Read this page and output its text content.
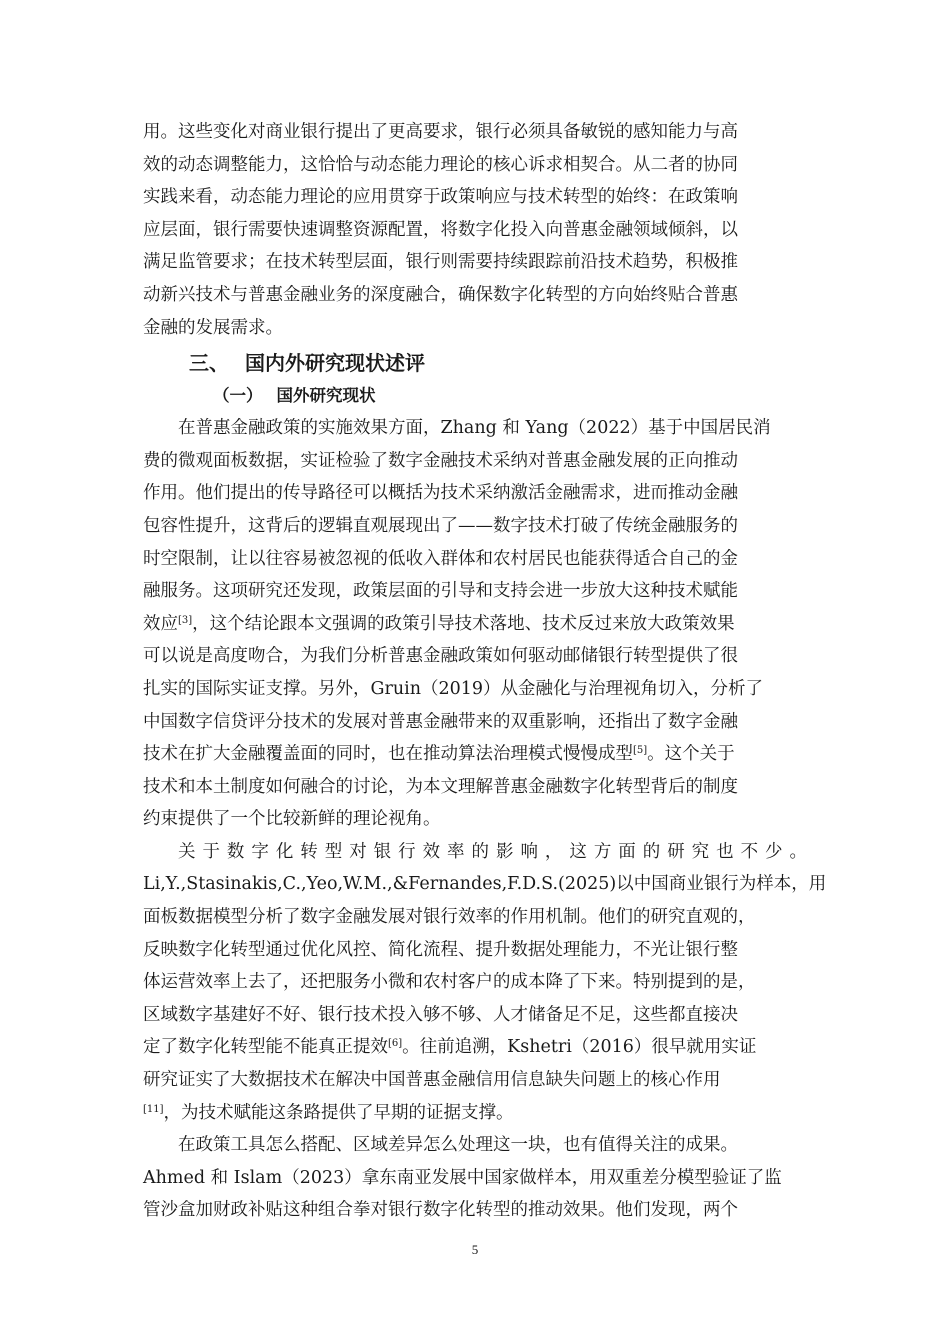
用。这些变化对商业银行提出了更高要求，银行必须具备敏锐的感知能力与高
效的动态调整能力，这恰恰与动态能力理论的核心诉求相契合。从二者的协同
实践来看，动态能力理论的应用贯穿于政策响应与技术转型的始终：在政策响
应层面，银行需要快速调整资源配置，将数字化投入向普惠金融领域倾斜，以
满足监管要求；在技术转型层面，银行则需要持续跟踪前沿技术趋势，积极推
动新兴技术与普惠金融业务的深度融合，确保数字化转型的方向始终贴合普惠
金融的发展需求。

三、 国内外研究现状述评
（一） 国外研究现状

在普惠金融政策的实施效果方面，Zhang 和 Yang（2022）基于中国居民消
费的微观面板数据，实证检验了数字金融技术采纳对普惠金融发展的正向推动
作用。他们提出的传导路径可以概括为技术采纳激活金融需求，进而推动金融
包容性提升，这背后的逻辑直观展现出了——数字技术打破了传统金融服务的
时空限制，让以往容易被忽视的低收入群体和农村居民也能获得适合自己的金
融服务。这项研究还发现，政策层面的引导和支持会进一步放大这种技术赋能
效应[3]，这个结论跟本文强调的政策引导技术落地、技术反过来放大政策效果
可以说是高度吻合，为我们分析普惠金融政策如何驱动邮储银行转型提供了很
扎实的国际实证支撑。另外，Gruin（2019）从金融化与治理视角切入，分析了
中国数字信贷评分技术的发展对普惠金融带来的双重影响，还指出了数字金融
技术在扩大金融覆盖面的同时，也在推动算法治理模式慢慢成型[5]。这个关于
技术和本土制度如何融合的讨论，为本文理解普惠金融数字化转型背后的制度
约束提供了一个比较新鲜的理论视角。

关于数字化转型对银行效率的影响，这方面的研究也不少。
Li,Y.,Stasinakis,C.,Yeo,W.M.,&Fernandes,F.D.S.(2025)以中国商业银行为样本，用
面板数据模型分析了数字金融发展对银行效率的作用机制。他们的研究直观的，
反映数字化转型通过优化风控、简化流程、提升数据处理能力，不光让银行整
体运营效率上去了，还把服务小微和农村客户的成本降了下来。特别提到的是，
区域数字基建好不好、银行技术投入够不够、人才储备足不足，这些都直接决
定了数字化转型能不能真正提效[6]。往前追溯，Kshetri（2016）很早就用实证
研究证实了大数据技术在解决中国普惠金融信用信息缺失问题上的核心作用
[11]，为技术赋能这条路提供了早期的证据支撑。

在政策工具怎么搭配、区域差异怎么处理这一块，也有值得关注的成果。
Ahmed 和 Islam（2023）拿东南亚发展中国家做样本，用双重差分模型验证了监
管沙盒加财政补贴这种组合拳对银行数字化转型的推动效果。他们发现，两个

5
